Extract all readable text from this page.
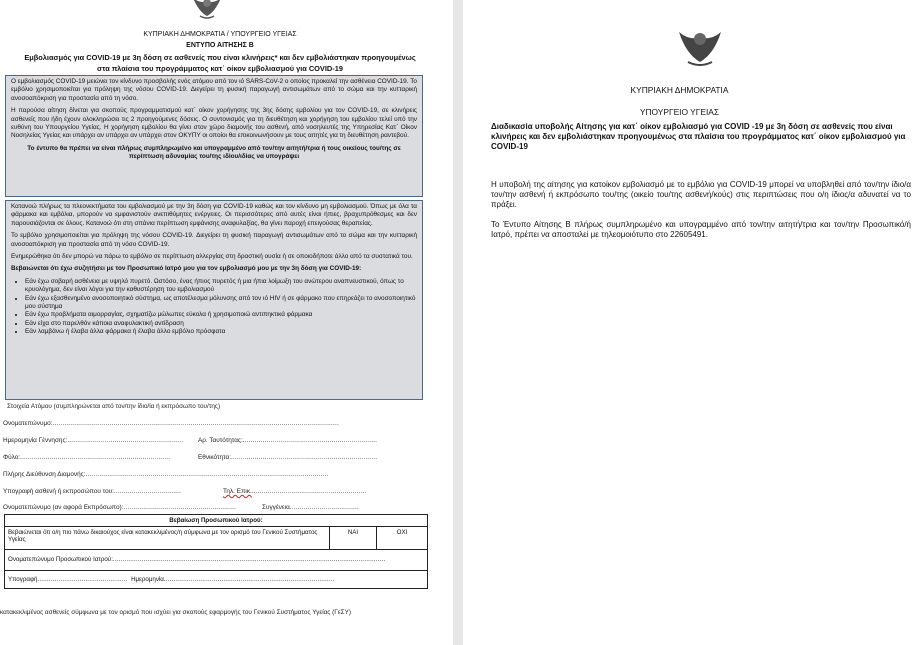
ΚΥΠΡΙΑΚΗ ΔΗΜΟΚΡΑΤΙΑ / ΥΠΟΥΡΓΕΙΟ ΥΓΕΙΑΣ
ΕΝΤΥΠΟ ΑΙΤΗΣΗΣ Β
Εμβολιασμός για COVID-19 με 3η δόση σε ασθενείς που είναι κλινήρεις* και δεν εμβολιάστηκαν προηγουμένως
στα πλαίσια του προγράμματος κατ΄ οίκον εμβολιασμού για COVID-19

Ο εμβολιασμός COVID-19 μειώνει τον κίνδυνο προσβολής ενός ατόμου από τον ιό SARS-CoV-2 ο οποίος προκαλεί την ασθένεια COVID-19. Το εμβόλιο χρησιμοποιείται για πρόληψη της νόσου COVID-19. Διεγείρει τη φυσική παραγωγή αντισωμάτων από το σώμα και την κυτταρική ανοσοαπόκριση για προστασία από τη νόσο.

Η παρούσα αίτηση δίνεται για σκοπούς προγραμματισμού κατ΄ οίκον χορήγησης της 3ης δόσης εμβολίου για τον COVID-19, σε κλινήρεις ασθενείς που ήδη έχουν ολοκληρώσει τις 2 προηγούμενες δόσεις. Ο συντονισμός για τη διευθέτηση και χορήγηση του εμβολίου τελεί υπό την ευθύνη του Υπουργείου Υγείας. Η χορήγηση εμβολίου θα γίνει στον χώρο διαμονής του ασθενή, από νοσηλευτές της Υπηρεσίας Κατ΄ Οίκον Νοσηλείας Υγείας και υπάρχει αν υπάρχει αν υπάρχει στον ΟΚΥΠΥ οι οποίοι θα επικοινωνήσουν με τους αιτητές για τη διευθέτηση ραντεβού.

Το έντυπο θα πρέπει να είναι πλήρως συμπληρωμένο και υπογραμμένο από τον/την αιτητή/τρια ή τους οικείους του/της σε περίπτωση αδυναμίας του/της ιδίου/ιδίας να υπογράψει

Κατανοώ πλήρως τα πλεονεκτήματα του εμβολιασμού με την 3η δόση για COVID-19 καθώς και τον κίνδυνο μη εμβολιασμού. Όπως με όλα τα φάρμακα και εμβόλια, μπορούν να εμφανιστούν ανεπιθύμητες ενέργειες. Οι περισσότερες από αυτές είναι ήπιες, βραχυπρόθεσμες και δεν παρουσιάζονται σε όλους. Κατανοώ ότι στη σπάνια περίπτωση εμφάνισης αναφυλαξίας, θα γίνει παροχή επειγούσας θεραπείας.

Το εμβόλιο χρησιμοποιείται για πρόληψη της νόσου COVID-19. Διεγείρει τη φυσική παραγωγή αντισωμάτων από το σώμα και την κυτταρική ανοσοαπόκριση για προστασία από τη νόσο COVID-19.

Ενημερώθηκα ότι δεν μπορώ να πάρω το εμβόλιο σε περίπτωση αλλεργίας στη δραστική ουσία ή σε οποιοδήποτε άλλο από τα συστατικά του.

Βεβαιώνεται ότι έχω συζητήσει με τον Προσωπικό Ιατρό μου για τον εμβολιασμό μου με την 3η δόση για COVID-19:

• Εάν έχω σοβαρή ασθένεια με υψηλό πυρετό. Ωστόσο, ένας ήπιος πυρετός ή μια ήπια λοίμωξη του ανώτερου αναπνευστικού, όπως το κρυολόγημα, δεν είναι λόγοι για την καθυστέρηση του εμβολιασμού
• Εάν έχω εξασθενημένο ανοσοποιητικό σύστημα, ως αποτέλεσμα μόλυνσης από τον ιό HIV ή σε φάρμακο που επηρεάζει το ανοσοποιητικό μου σύστημα
• Εάν έχω προβλήματα αιμορραγίας, σχηματίζω μώλωπες εύκολα ή χρησιμοποιώ αντιπηκτικά φάρμακα
• Εάν είχα στο παρελθόν κάποια αναφυλακτική αντίδραση
• Εάν λαμβάνω ή έλαβα άλλα φάρμακα ή έλαβα άλλο εμβόλιο πρόσφατα
Στοιχεία Ατόμου (συμπληρώνεται από τον/την ίδιο/ία ή εκπρόσωπο του/της)
Ονοματεπώνυμο:.................................................................................................................................................
Ημερομηνία Γέννησης:........................................................... Αρ. Ταυτότητας:....................................................................
Φύλο:............................................................................	Εθνικότητα:..........................................................................
Πλήρης Διεύθυνση Διαμονής:...........................................................................................................................
Υπογραφή ασθενή ή εκπροσώπου του:..................................	Τηλ. Επικ...........................................................
Ονοματεπώνυμο (αν αφορά Εκπρόσωπο):.........................................................	Συγγένεια...................................
Βεβαίωση Προσωπικού Ιατρού:
Βεβαιώνεται ότι ο/η πιο πάνω δικαιούχος είναι κατακεκλιμένος/η σύμφωνα με τον ορισμό του Γενικού Συστήματος Υγείας	ΝΑΙ	ΟΧΙ
Ονοματεπώνυμο Προσωπικού Ιατρού:..............................................................................................................................................
Υπογραφή............................................... Ημερομηνία.........................................................................................
κατακεκλιμένος ασθενείς σύμφωνα με τον ορισμό που ισχύει για σκοπούς εφαρμογής του Γενικού Συστήματος Υγείας (ΓεΣΥ)
ΚΥΠΡΙΑΚΗ ΔΗΜΟΚΡΑΤΙΑ
ΥΠΟΥΡΓΕΙΟ ΥΓΕΙΑΣ
Διαδικασία υποβολής Αίτησης για κατ΄ οίκον εμβολιασμό για COVID -19 με 3η δόση σε ασθενείς που είναι κλινήρεις και δεν εμβολιάστηκαν προηγουμένως στα πλαίσια του προγράμματος κατ΄ οίκον εμβολιασμού για COVID-19
Η υποβολή της αίτησης για κατοίκον εμβολιασμό με το εμβόλιο για COVID-19 μπορεί να υποβληθεί από τον/την ίδιο/α τον/την ασθενή ή εκπρόσωπο του/της (οικείο του/της ασθενή/κούς) στις περιπτώσεις που ο/η ίδιος/α αδυνατεί να το πράξει.
Το Έντυπο Αίτησης Β πλήρως συμπληρωμένο και υπογραμμένο από τον/την αιτητή/τρια και τον/την Προσωπικό/ή Ιατρό, πρέπει να αποσταλεί με τηλεομοιότυπο στο 22605491.
